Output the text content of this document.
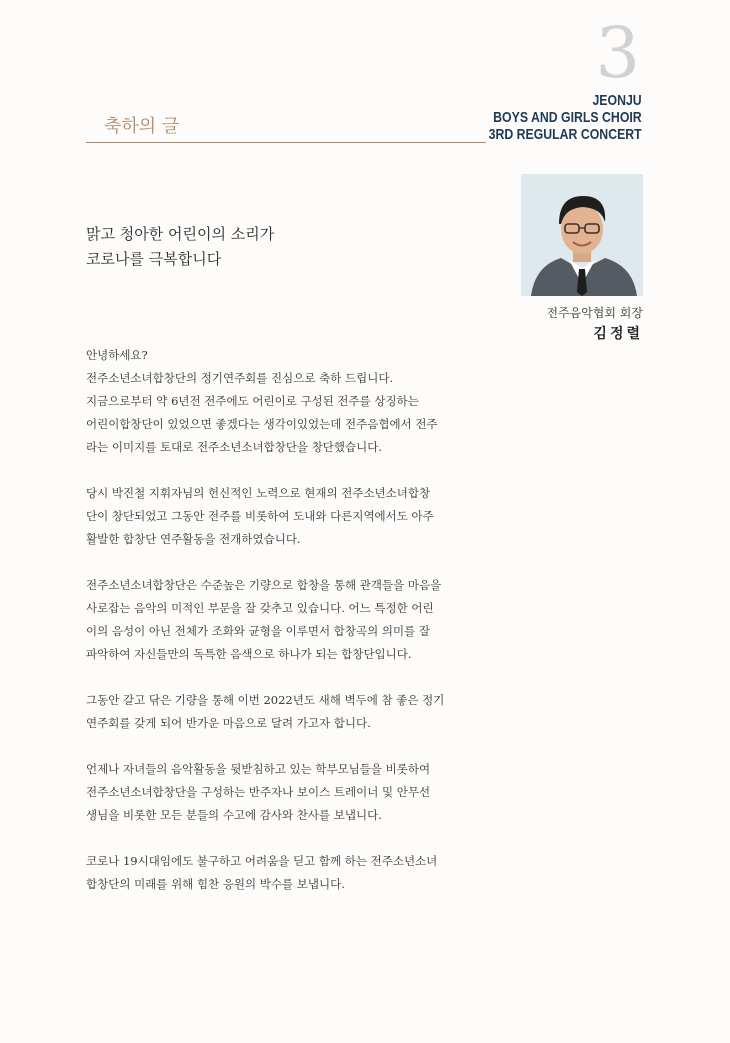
3
JEONJU
BOYS AND GIRLS CHOIR
3RD REGULAR CONCERT
축하의 글
전주음악협회 회장
김정렬
맑고 청아한 어린이의 소리가
코로나를 극복합니다

안녕하세요?
전주소년소녀합창단의 정기연주회를 진심으로 축하 드립니다.
지금으로부터 약 6년전 전주에도 어린이로 구성된 전주를 상징하는
어린이합창단이 있었으면 좋겠다는 생각이있었는데 전주음협에서 전주
라는 이미지를 토대로 전주소년소녀합창단을 창단했습니다.

당시 박진철 지휘자님의 헌신적인 노력으로 현재의 전주소년소녀합창
단이 창단되었고 그동안 전주를 비롯하여 도내와 다른지역에서도 아주
활발한 합창단 연주활동을 전개하였습니다.

전주소년소녀합창단은 수준높은 기량으로 합창을 통해 관객들을 마음을
사로잡는 음악의 미적인 부문을 잘 갖추고 있습니다. 어느 특정한 어린
이의 음성이 아닌 전체가 조화와 균형을 이루면서 합창곡의 의미를 잘
파악하여 자신들만의 독특한 음색으로 하나가 되는 합창단입니다.

그동안 갈고 닦은 기량을 통해 이번 2022년도 새해 벽두에 참 좋은 정기
연주회를 갖게 되어 반가운 마음으로 달려 가고자 합니다.

언제나 자녀들의 음악활동을 뒷받침하고 있는 학부모님들을 비롯하여
전주소년소녀합창단을 구성하는 반주자나 보이스 트레이너 및 안무선
생님을 비롯한 모든 분들의 수고에 감사와 찬사를 보냅니다.

코로나 19시대임에도 불구하고 어려움을 딛고 함께 하는 전주소년소녀
합창단의 미래를 위해 힘찬 응원의 박수를 보냅니다.
